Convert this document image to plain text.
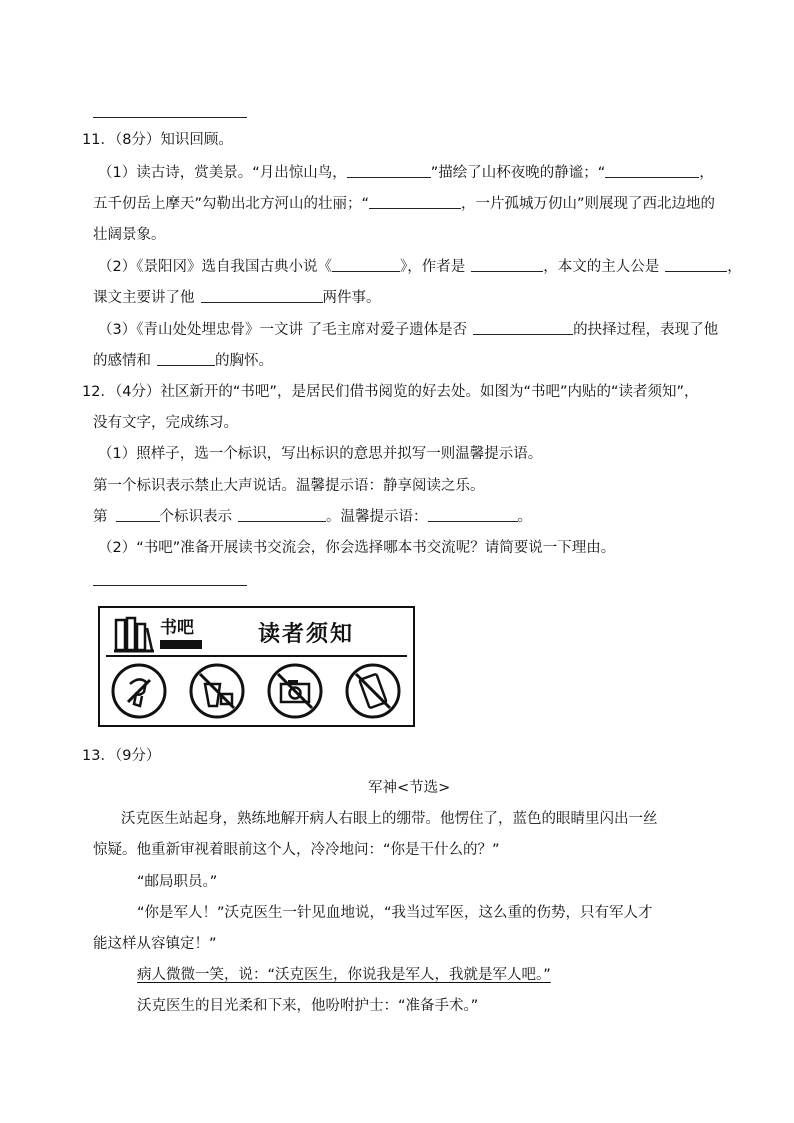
11．（8分）知识回顾。
（1）读古诗，赏美景。“月出惊山鸟，	”描绘了山杯夜晚的静谧；“	，
五千仞岳上摩天”勾勒出北方河山的壮丽；“	，一片孤城万仞山”则展现了西北边地的
壮阔景象。
（2）《景阳冈》选自我国古典小说《	》，作者是	，本文的主人公是	，
课文主要讲了他	两件事。
（3）《青山处处埋忠骨》一文讲 了毛主席对爱子遗体是否	的抉择过程，表现了他
的感情和	的胸怀。
12．（4分）社区新开的“书吧”，是居民们借书阅览的好去处。如图为“书吧”内贴的“读者须知”，
没有文字，完成练习。
（1）照样子，选一个标识，写出标识的意思并拟写一则温馨提示语。
第一个标识表示禁止大声说话。温馨提示语：静享阅读之乐。
第	个标识表示	。温馨提示语：	。
（2）“书吧”准备开展读书交流会，你会选择哪本书交流呢？请简要说一下理由。
书吧	读者须知
13．（9分）
军神<节选>
沃克医生站起身，熟练地解开病人右眼上的绷带。他愣住了，蓝色的眼睛里闪出一丝
惊疑。他重新审视着眼前这个人，冷冷地问：“你是干什么的？”
“邮局职员。”
“你是军人！”沃克医生一针见血地说，“我当过军医，这么重的伤势，只有军人才
能这样从容镇定！”
病人微微一笑，说：“沃克医生，你说我是军人，我就是军人吧。”
沃克医生的目光柔和下来，他吩咐护士：“准备手术。”
